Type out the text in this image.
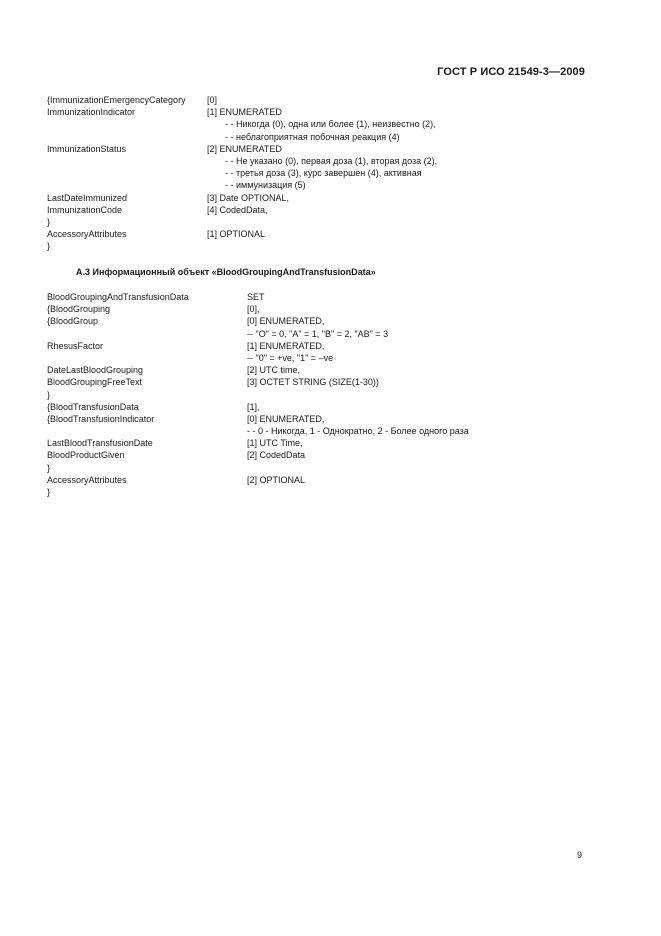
ГОСТ Р ИСО 21549-3—2009
{ImmunizationEmergencyCategory [0]
ImmunizationIndicator	[1] ENUMERATED
- - Никогда (0), одна или более (1), неизвестно (2),
- - неблагоприятная побочная реакция (4)
ImmunizationStatus	[2] ENUMERATED
- - Не указано (0), первая доза (1), вторая доза (2),
- - третья доза (3), курс завершен (4), активная
- - иммунизация (5)
LastDateImmunized	[3] Date OPTIONAL,
ImmunizationCode	[4] CodedData,
}
AccessoryAttributes	[1] OPTIONAL
}
A.3 Информационный объект «BloodGroupingAndTransfusionData»
BloodGroupingAndTransfusionData	SET
{BloodGrouping	[0],
{BloodGroup	[0] ENUMERATED,
-- "O" = 0, "A" = 1, "B" = 2, "AB" = 3
RhesusFactor	[1] ENUMERATED,
-- "0" = +ve, "1" = –ve
DateLastBloodGrouping	[2] UTC time,
BloodGroupingFreeText	[3] OCTET STRING (SIZE(1-30))
}
{BloodTransfusionData	[1],
{BloodTransfusionIndicator	[0] ENUMERATED,
- - 0 - Никогда, 1 - Однократно, 2 - Более одного раза
LastBloodTransfusionDate	[1] UTC Time,
BloodProductGiven	[2] CodedData
}
AccessoryAttributes	[2] OPTIONAL
}
9
